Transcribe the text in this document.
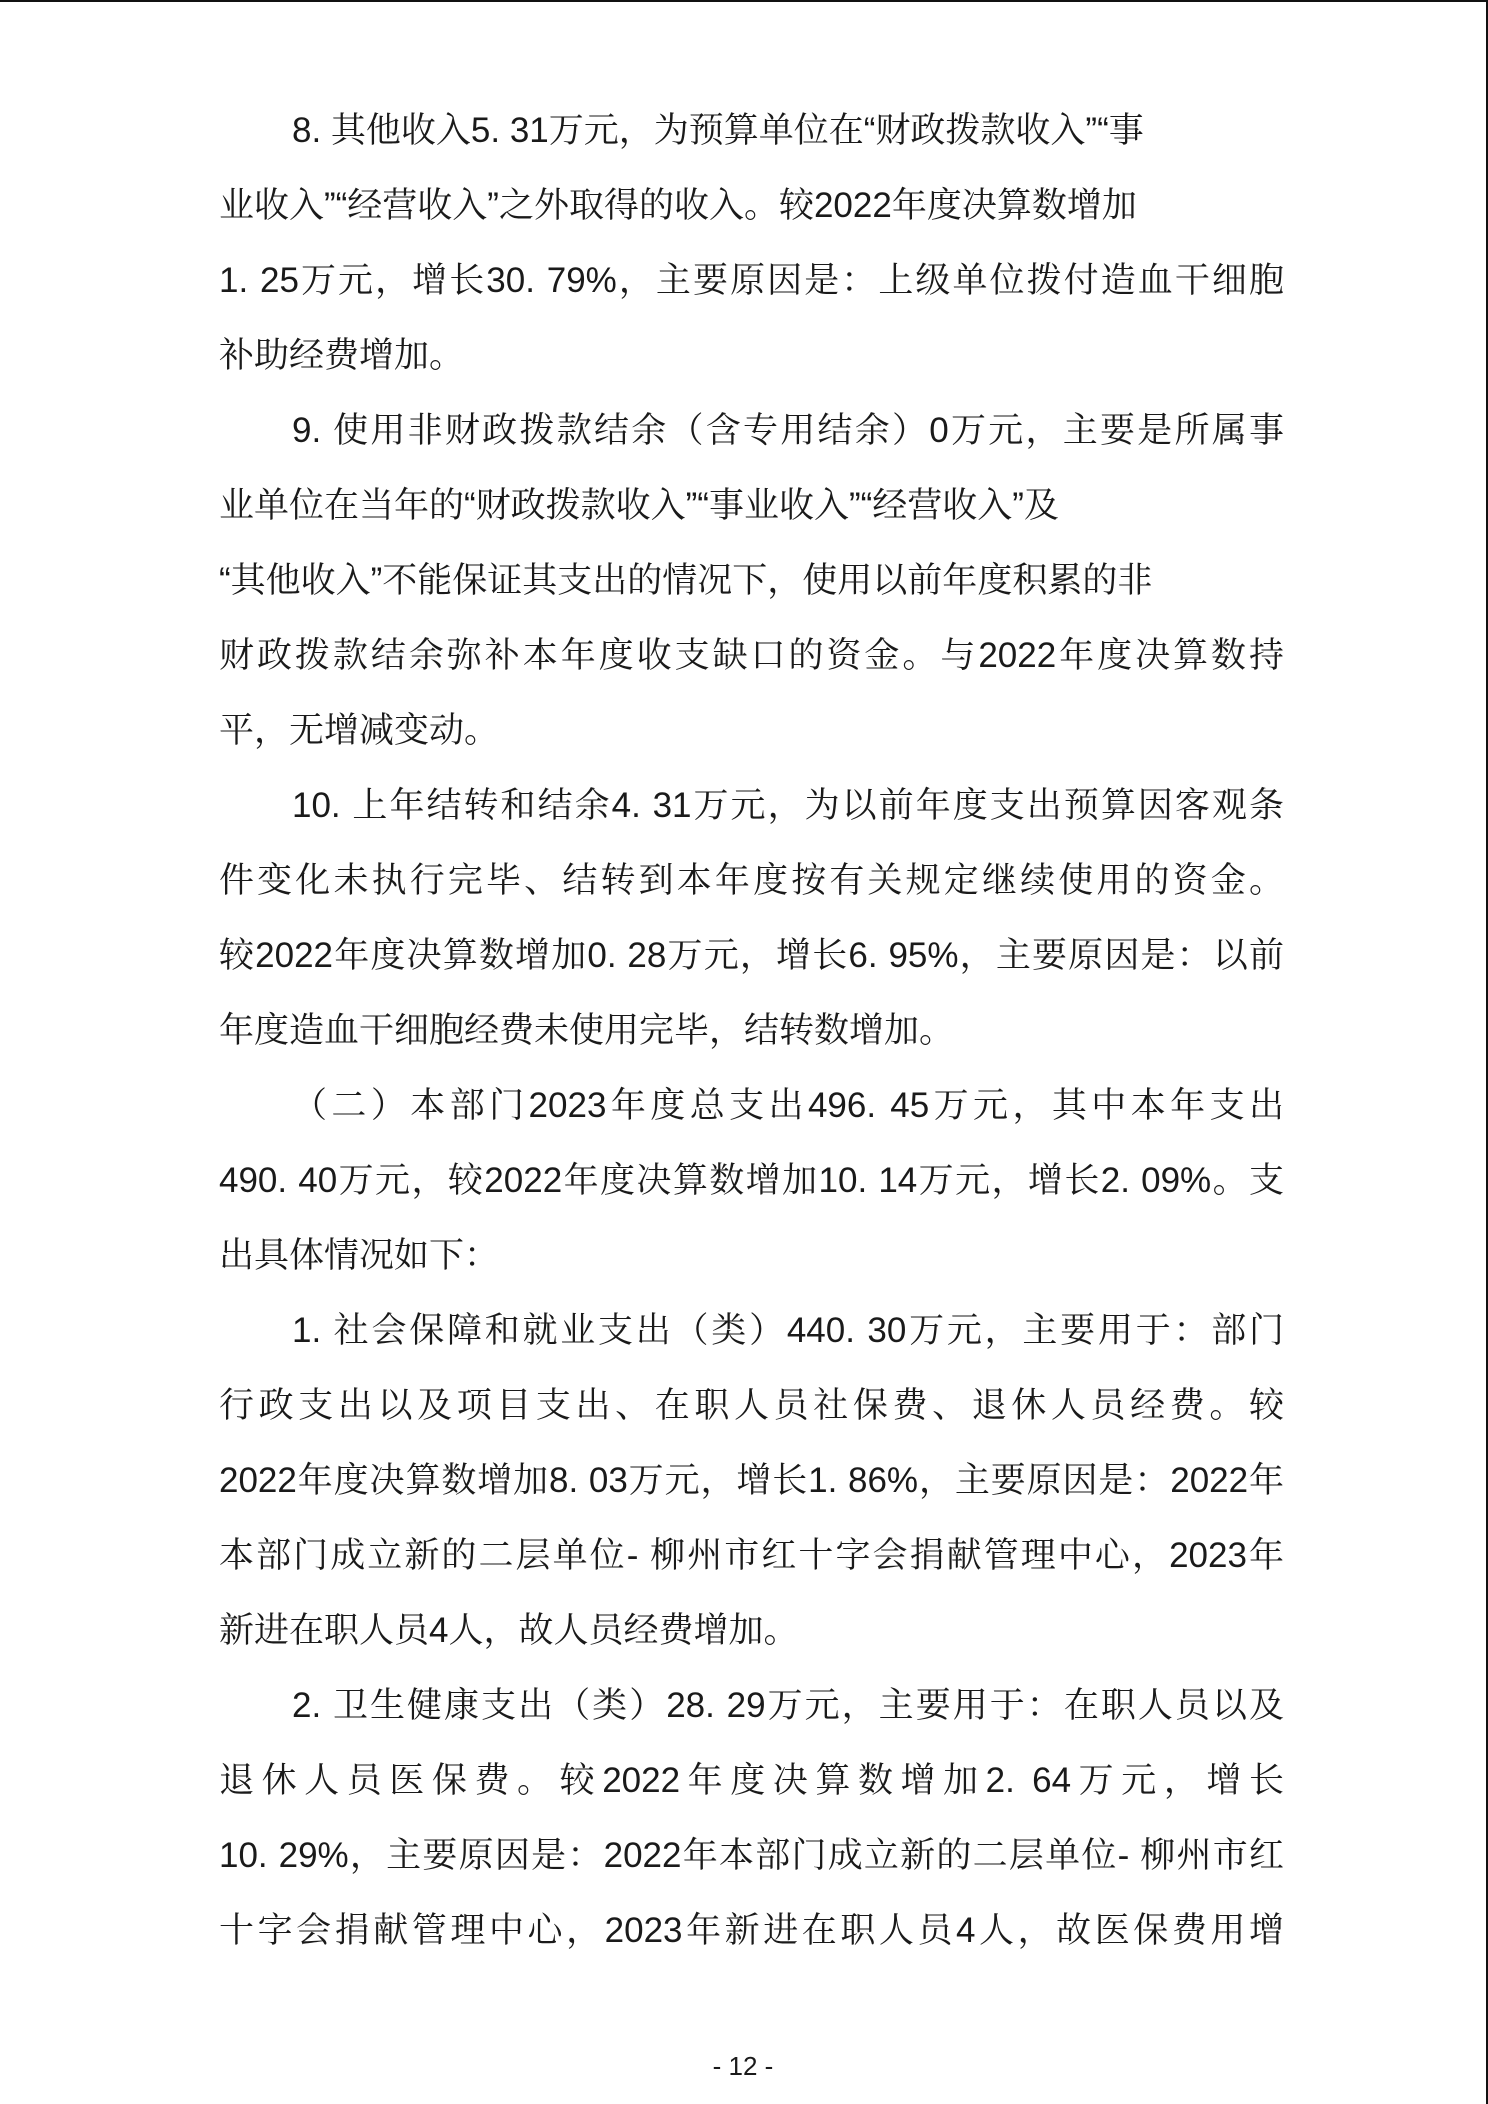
8. 其他收入5. 31万元，为预算单位在“财政拨款收入”“事
业收入”“经营收入”之外取得的收入。较2022年度决算数增加
1. 25万元，增长30. 79%，主要原因是：上级单位拨付造血干细胞
补助经费增加。
9. 使用非财政拨款结余（含专用结余）0万元，主要是所属事
业单位在当年的“财政拨款收入”“事业收入”“经营收入”及
“其他收入”不能保证其支出的情况下，使用以前年度积累的非
财政拨款结余弥补本年度收支缺口的资金。与2022年度决算数持
平，无增减变动。
10. 上年结转和结余4. 31万元，为以前年度支出预算因客观条
件变化未执行完毕、结转到本年度按有关规定继续使用的资金。
较2022年度决算数增加0. 28万元，增长6. 95%，主要原因是：以前
年度造血干细胞经费未使用完毕，结转数增加。
（二）本部门2023年度总支出496. 45万元，其中本年支出
490. 40万元，较2022年度决算数增加10. 14万元，增长2. 09%。支
出具体情况如下：
1. 社会保障和就业支出（类）440. 30万元，主要用于：部门
行政支出以及项目支出、在职人员社保费、退休人员经费。较
2022年度决算数增加8. 03万元，增长1. 86%，主要原因是：2022年
本部门成立新的二层单位- 柳州市红十字会捐献管理中心，2023年
新进在职人员4人，故人员经费增加。
2. 卫生健康支出（类）28. 29万元，主要用于：在职人员以及
退休人员医保费。较2022年度决算数增加2. 64万元，增长
10. 29%，主要原因是：2022年本部门成立新的二层单位- 柳州市红
十字会捐献管理中心，2023年新进在职人员4人，故医保费用增
- 12 -
